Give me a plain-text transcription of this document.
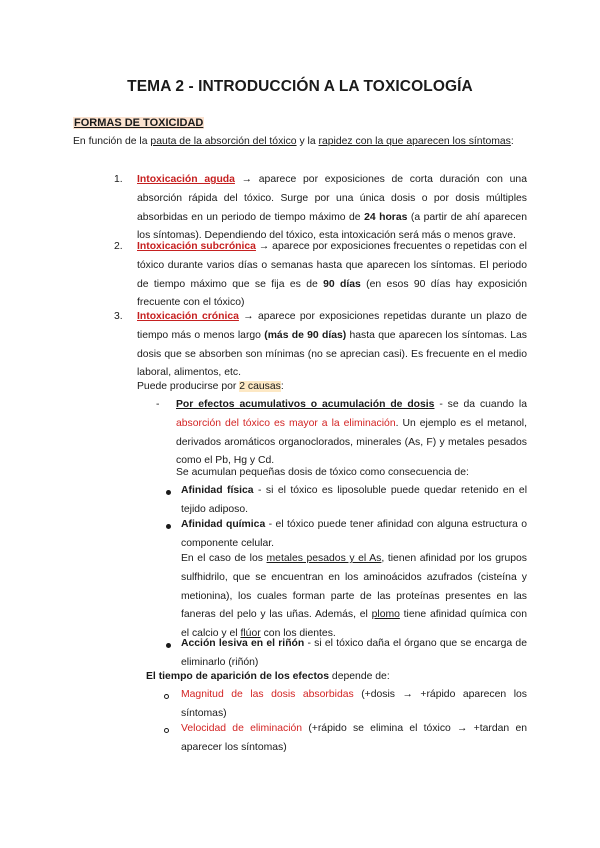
TEMA 2 - INTRODUCCIÓN A LA TOXICOLOGÍA
FORMAS DE TOXICIDAD
En función de la pauta de la absorción del tóxico y la rapidez con la que aparecen los síntomas:
1. Intoxicación aguda → aparece por exposiciones de corta duración con una absorción rápida del tóxico. Surge por una única dosis o por dosis múltiples absorbidas en un periodo de tiempo máximo de 24 horas (a partir de ahí aparecen los síntomas). Dependiendo del tóxico, esta intoxicación será más o menos grave.
2. Intoxicación subcrónica → aparece por exposiciones frecuentes o repetidas con el tóxico durante varios días o semanas hasta que aparecen los síntomas. El periodo de tiempo máximo que se fija es de 90 días (en esos 90 días hay exposición frecuente con el tóxico)
3. Intoxicación crónica → aparece por exposiciones repetidas durante un plazo de tiempo más o menos largo (más de 90 días) hasta que aparecen los síntomas. Las dosis que se absorben son mínimas (no se aprecian casi). Es frecuente en el medio laboral, alimentos, etc.
Puede producirse por 2 causas:
- Por efectos acumulativos o acumulación de dosis - se da cuando la absorción del tóxico es mayor a la eliminación. Un ejemplo es el metanol, derivados aromáticos organoclorados, minerales (As, F) y metales pesados como el Pb, Hg y Cd.
Se acumulan pequeñas dosis de tóxico como consecuencia de:
Afinidad física - si el tóxico es liposoluble puede quedar retenido en el tejido adiposo.
Afinidad química - el tóxico puede tener afinidad con alguna estructura o componente celular.
En el caso de los metales pesados y el As, tienen afinidad por los grupos sulfhidrilo, que se encuentran en los aminoácidos azufrados (cisteína y metionina), los cuales forman parte de las proteínas presentes en las faneras del pelo y las uñas. Además, el plomo tiene afinidad química con el calcio y el flúor con los dientes.
Acción lesiva en el riñón - si el tóxico daña el órgano que se encarga de eliminarlo (riñón)
El tiempo de aparición de los efectos depende de:
Magnitud de las dosis absorbidas (+dosis → +rápido aparecen los síntomas)
Velocidad de eliminación (+rápido se elimina el tóxico → +tardan en aparecer los síntomas)
